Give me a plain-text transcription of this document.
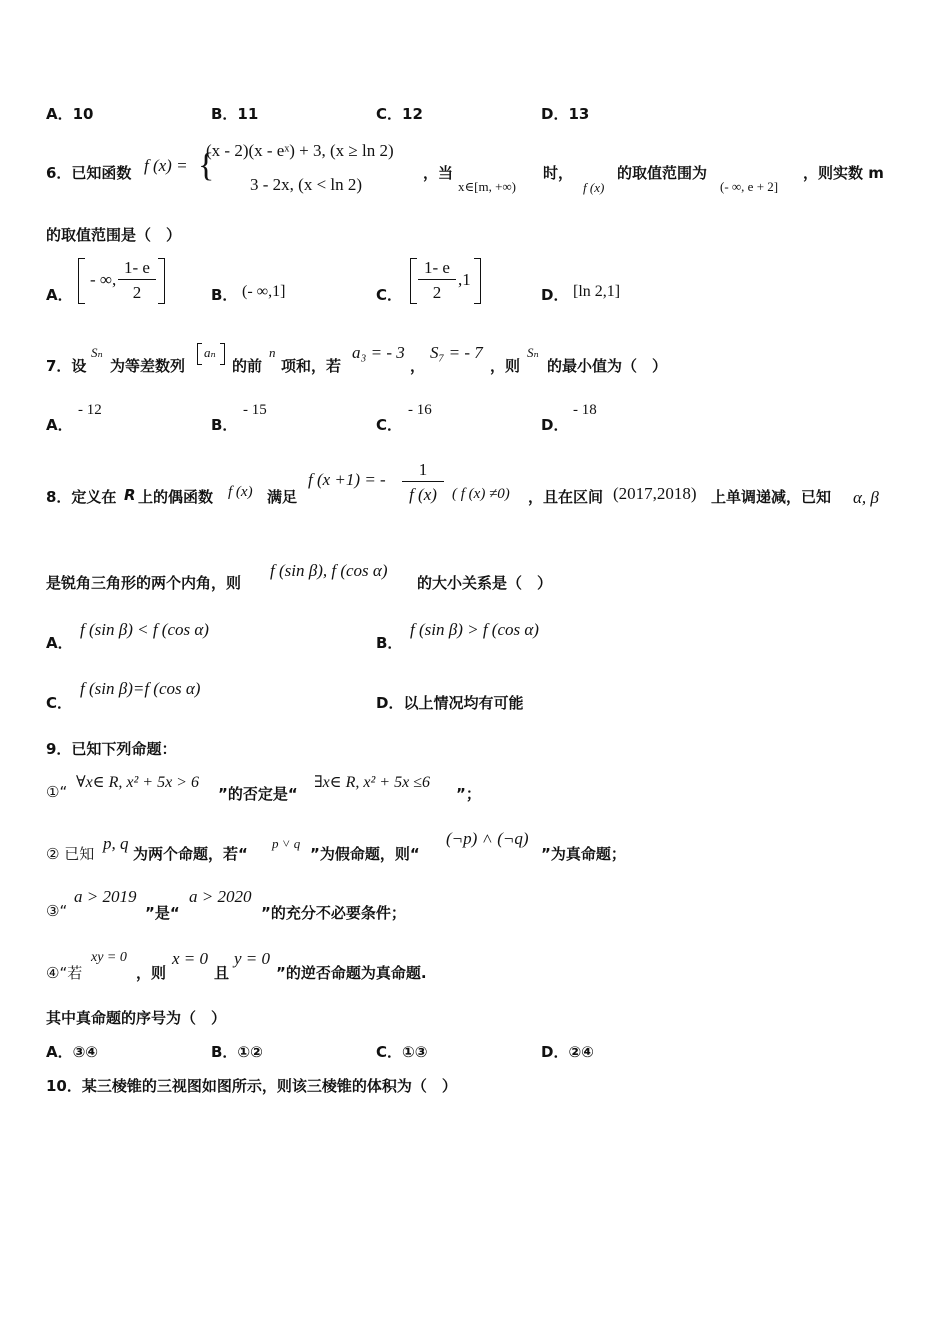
A．10	B．11	C．12	D．13
6．已知函数 f (x) = {
(x - 2)(x - eˣ) + 3, (x ≥ ln 2)
3 - 2x, (x < ln 2)
，当
x∈[m, +∞)
时，
f (x)
的取值范围为
(- ∞, e + 2]
，则实数 m
的取值范围是（　）
A．
- ∞,
1- e
2	B． (- ∞,1]	C．
1- e
2
,1
D． [ln 2,1]
7．设
Sₙ
为等差数列
aₙ
的前
n
项和，若
a₃ = - 3
，
S₇ = - 7
，则
Sₙ
的最小值为（　）
A．
- 12
B．
- 15
C．
- 16
D．
- 18
8．定义在 R 上的偶函数 f (x) 满足
f (x +1) = -
1
f (x)	( f (x) ≠0) ，且在区间 (2017,2018) 上单调递减，已知 α, β
是锐角三角形的两个内角，则
f (sin β), f (cos α)
的大小关系是（　）
A．
f (sin β) < f (cos α)
B．
f (sin β) > f (cos α)
C．
f (sin β)=f (cos α)
D．以上情况均有可能
9．已知下列命题：
①“
∀x∈ R, x² + 5x > 6
”的否定是“
∃x∈ R, x² + 5x ≤6
”；
② 已知
p, q
为两个命题，若“
p ˅ q
”为假命题，则“
(¬p) ˄ (¬q)
”为真命题；
③“
a > 2019
”是“
a > 2020
”的充分不必要条件；
④“若
xy = 0
，则
x = 0
且
y = 0
”的逆否命题为真命题.
其中真命题的序号为（　）
A．③④	B．①②	C．①③	D．②④
10．某三棱锥的三视图如图所示，则该三棱锥的体积为（　）
